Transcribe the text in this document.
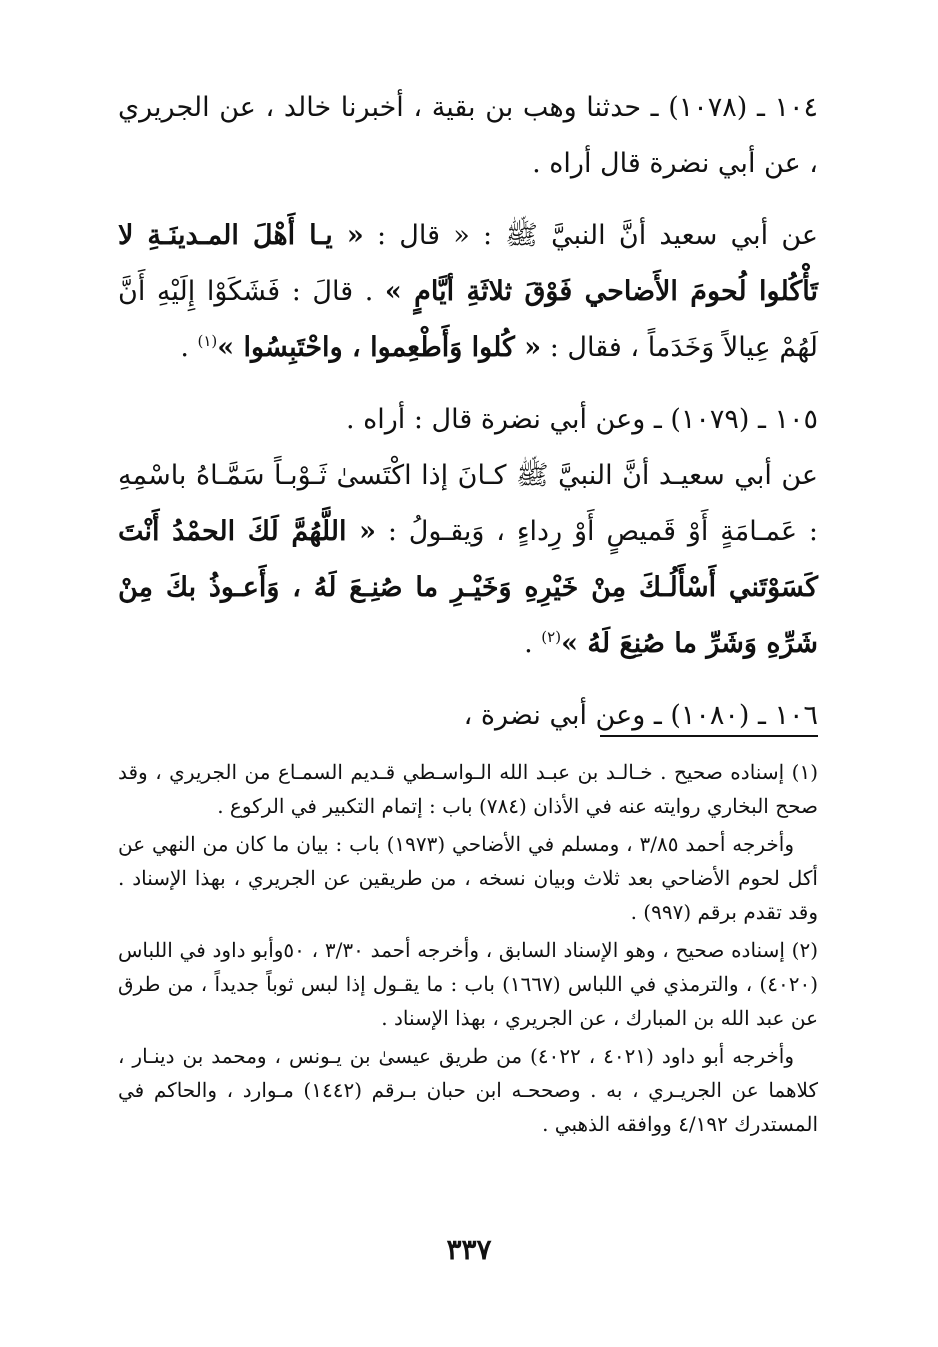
١٠٤ ـ (١٠٧٨) ـ حدثنا وهب بن بقية ، أخبرنا خالد ، عن الجريري ، عن أبي نضرة قال أراه .

عن أبي سعيد أنَّ النبيَّ ﷺ : « قال : « يـا أَهْلَ المـدينَـةِ لا تَأْكُلوا لُحومَ الأَضاحي فَوْقَ ثلاثَةِ أيَّامٍ » . قالَ : فَشَكَوْا إِلَيْهِ أَنَّ لَهُمْ عِيالاً وَخَدَماً ، فقال : « كُلوا وَأَطْعِموا ، واحْتَبِسُوا »$^{(١)}$ .

١٠٥ ـ (١٠٧٩) ـ وعن أبي نضرة قال : أراه .

عن أبي سعيـد أنَّ النبيَّ ﷺ كـانَ إذا اكْتَسىٰ ثَـوْبـاً سَمَّـاهُ باسْمِهِ : عَمـامَةٍ أَوْ قَميصٍ أَوْ رِداءٍ ، وَيقـولُ : « اللَّهُمَّ لَكَ الحمْدُ أَنْتَ كَسَوْتَني أَسْأَلُـكَ مِنْ خَيْرِهِ وَخَيْـرِ ما صُنِـعَ لَهُ ، وَأَعـوذُ بكَ مِنْ شَرِّهِ وَشَرِّ ما صُنِعَ لَهُ »$^{(٢)}$ .

١٠٦ ـ (١٠٨٠) ـ وعن أبي نضرة ،

(١) إسناده صحيح . خـالـد بن عبـد الله الـواسـطي قـديم السمـاع من الجريري ، وقد صحح البخاري روايته عنه في الأذان (٧٨٤) باب : إتمام التكبير في الركوع .

وأخرجه أحمد ٣/٨٥ ، ومسلم في الأضاحي (١٩٧٣) باب : بيان ما كان من النهي عن أكل لحوم الأضاحي بعد ثلاث وبيان نسخه ، من طريقين عن الجريري ، بهذا الإسناد . وقد تقدم برقم (٩٩٧) .

(٢) إسناده صحيح ، وهو الإسناد السابق ، وأخرجه أحمد ٣/٣٠ ، ٥٠وأبو داود في اللباس (٤٠٢٠) ، والترمذي في اللباس (١٦٦٧) باب : ما يقـول إذا لبس ثوباً جديداً ، من طرق عن عبد الله بن المبارك ، عن الجريري ، بهذا الإسناد .

وأخرجه أبو داود (٤٠٢١ ، ٤٠٢٢) من طريق عيسىٰ بن يـونس ، ومحمد بن دينـار ، كلاهما عن الجريـري ، به . وصححـه ابن حبان بـرقم (١٤٤٢) مـوارد ، والحاكم في المستدرك ٤/١٩٢ ووافقه الذهبي .

٣٣٧
